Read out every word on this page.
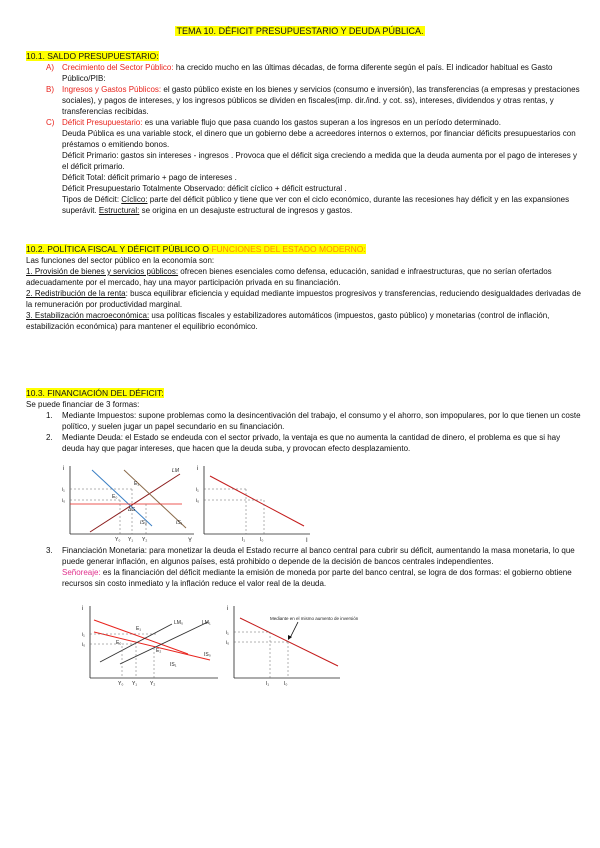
TEMA 10. DÉFICIT PRESUPUESTARIO Y DEUDA PÚBLICA.
10.1. SALDO PRESUPUESTARIO:
A) Crecimiento del Sector Público: ha crecido mucho en las últimas décadas, de forma diferente según el país. El indicador habitual es Gasto Público/PIB:
B) Ingresos y Gastos Públicos: el gasto público existe en los bienes y servicios (consumo e inversión), las transferencias (a empresas y prestaciones sociales), y pagos de intereses, y los ingresos públicos se dividen en fiscales(imp. dir./ind. y cot. ss), intereses, dividendos y otras rentas, y transferencias recibidas.
C) Déficit Presupuestario: es una variable flujo que pasa cuando los gastos superan a los ingresos en un período determinado.
Deuda Pública es una variable stock, el dinero que un gobierno debe a acreedores internos o externos, por financiar déficits presupuestarios con préstamos o emitiendo bonos.
Déficit Primario: gastos sin intereses - ingresos . Provoca que el déficit siga creciendo a medida que la deuda aumenta por el pago de intereses y el déficit primario.
Déficit Total: déficit primario + pago de intereses .
Déficit Presupuestario Totalmente Observado: déficit cíclico + déficit estructural .
Tipos de Déficit: Cíclico: parte del déficit público y tiene que ver con el ciclo económico, durante las recesiones hay déficit y en las expansiones superávit. Estructural: se origina en un desajuste estructural de ingresos y gastos.
10.2. POLÍTICA FISCAL Y DÉFICIT PÚBLICO O FUNCIONES DEL ESTADO MODERNO:
Las funciones del sector público en la economía son:
1. Provisión de bienes y servicios públicos: ofrecen bienes esenciales como defensa, educación, sanidad e infraestructuras, que no serían ofertados adecuadamente por el mercado, hay una mayor participación privada en su financiación.
2. Redistribución de la renta: busca equilibrar eficiencia y equidad mediante impuestos progresivos y transferencias, reduciendo desigualdades derivadas de la remuneración por productividad marginal.
3. Estabilización macroeconómica: usa políticas fiscales y estabilizadores automáticos (impuestos, gasto público) y monetarias (control de inflación, estabilización económica) para mantener el equilibrio económico.
10.3. FINANCIACIÓN DEL DÉFICIT:
Se puede financiar de 3 formas:
1. Mediante Impuestos: supone problemas como la desincentivación del trabajo, el consumo y el ahorro, son impopulares, por lo que tienen un coste político, y suelen jugar un papel secundario en su financiación.
2. Mediante Deuda: el Estado se endeuda con el sector privado, la ventaja es que no aumenta la cantidad de dinero, el problema es que si hay deuda hay que pagar intereses, que hacen que la deuda suba, y provocan efecto desplazamiento.
3. Financiación Monetaria: para monetizar la deuda el Estado recurre al banco central para cubrir su déficit, aumentando la masa monetaria, lo que puede generar inflación, en algunos países, está prohibido o depende de la decisión de bancos centrales independientes.
Señoreaje: es la financiación del déficit mediante la emisión de moneda por parte del banco central, se logra de dos formas: el gobierno obtiene recursos sin costo inmediato y la inflación reduce el valor real de la deuda.
i
Y
LM
IS₀	IS₁
E₁
E₀
ΔG
i₁
i₀
Y₀ Y₁ Y₂
i
I
i₁
i₀
I₁	I₀
i
LM₀	LM₁
IS₀
IS₁
E₀
E₁
E₂
i₁
i₀
Y₀ Y₁	Y₂
i
Mediante en el mismo aumento de inversión
i₁
i₀
I₁	I₀
